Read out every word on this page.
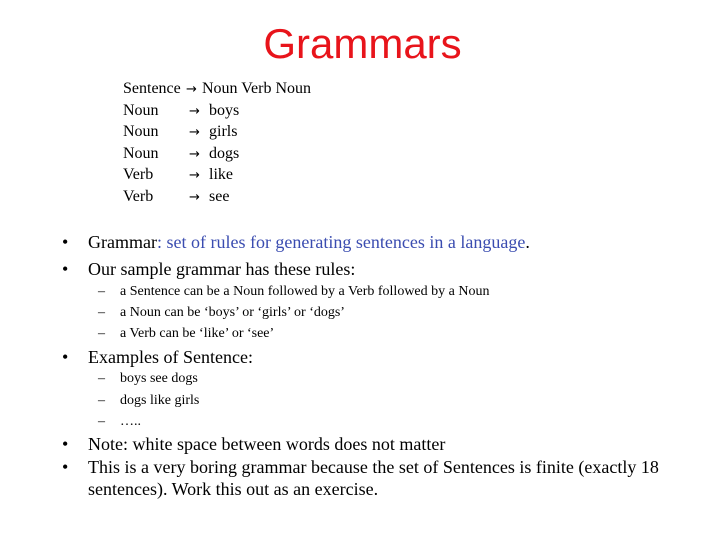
Grammars
Sentence → Noun Verb Noun
Noun → boys
Noun → girls
Noun → dogs
Verb	→ like
Verb	→ see
•	Grammar: set of rules for generating sentences in a language.
•	Our sample grammar has these rules:
– a Sentence can be a Noun followed by a Verb followed by a Noun
– a Noun can be ‘boys’ or ‘girls’ or ‘dogs’
– a Verb can be ‘like’ or ‘see’
•	Examples of Sentence:
– boys see dogs
– dogs like girls
– …..
•	Note: white space between words does not matter
•	This is a very boring grammar because the set of Sentences is finite (exactly 18
sentences). Work this out as an exercise.
